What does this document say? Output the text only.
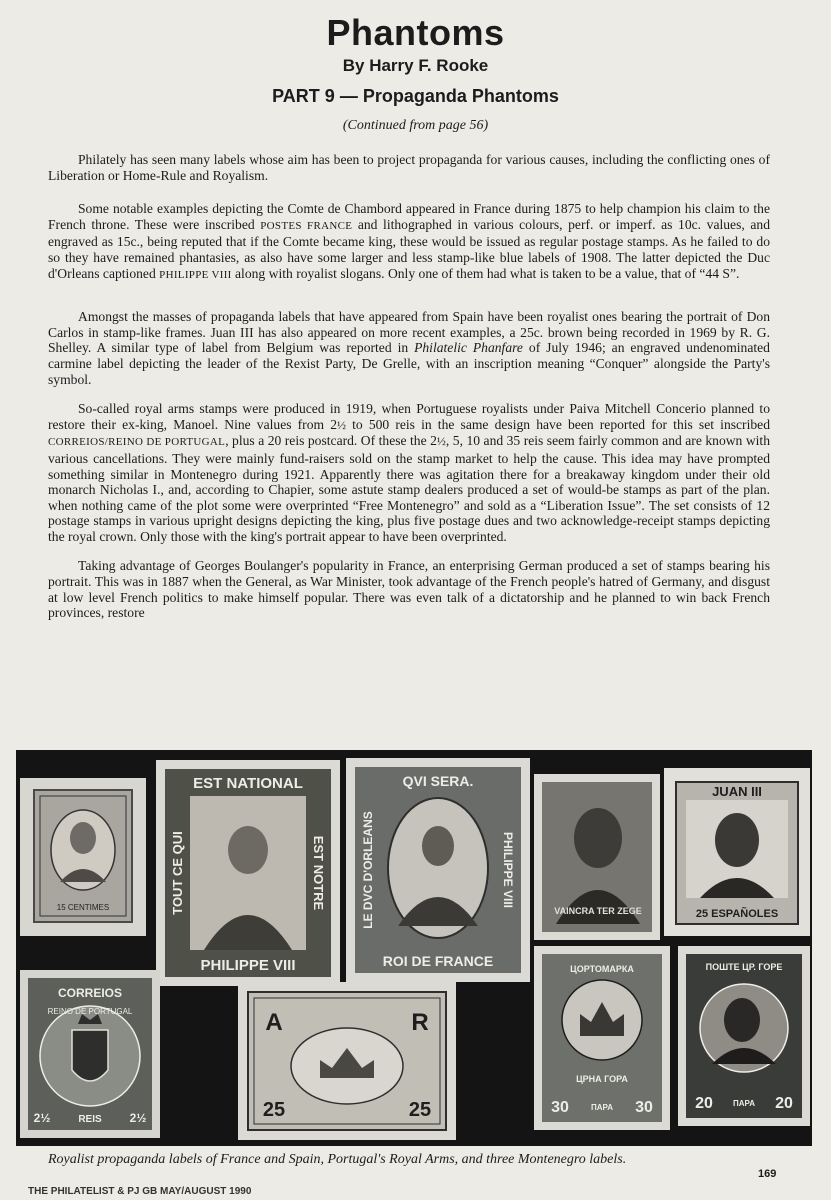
Phantoms
By Harry F. Rooke
PART 9 — Propaganda Phantoms
(Continued from page 56)

Philately has seen many labels whose aim has been to project propaganda for various causes, including the conflicting ones of Liberation or Home-Rule and Royalism.

Some notable examples depicting the Comte de Chambord appeared in France during 1875 to help champion his claim to the French throne. These were inscribed POSTES FRANCE and lithographed in various colours, perf. or imperf. as 10c. values, and engraved as 15c., being reputed that if the Comte became king, these would be issued as regular postage stamps. As he failed to do so they have remained phantasies, as also have some larger and less stamp-like blue labels of 1908. The latter depicted the Duc d'Orleans captioned PHILIPPE VIII along with royalist slogans. Only one of them had what is taken to be a value, that of “44 S”.

Amongst the masses of propaganda labels that have appeared from Spain have been royalist ones bearing the portrait of Don Carlos in stamp-like frames. Juan III has also appeared on more recent examples, a 25c. brown being recorded in 1969 by R. G. Shelley. A similar type of label from Belgium was reported in Philatelic Phanfare of July 1946; an engraved undenominated carmine label depicting the leader of the Rexist Party, De Grelle, with an inscription meaning “Conquer” alongside the Party's symbol.

So-called royal arms stamps were produced in 1919, when Portuguese royalists under Paiva Mitchell Concerio planned to restore their ex-king, Manoel. Nine values from 2½ to 500 reis in the same design have been reported for this set inscribed CORREIOS/REINO DE PORTUGAL, plus a 20 reis postcard. Of these the 2½, 5, 10 and 35 reis seem fairly common and are known with various cancellations. They were mainly fund-raisers sold on the stamp market to help the cause. This idea may have prompted something similar in Montenegro during 1921. Apparently there was agitation there for a breakaway kingdom under their old monarch Nicholas I., and, according to Chapier, some astute stamp dealers produced a set of would-be stamps as part of the plan. when nothing came of the plot some were overprinted “Free Montenegro” and sold as a “Liberation Issue”. The set consists of 12 postage stamps in various upright designs depicting the king, plus five postage dues and two acknowledge-receipt stamps depicting the royal crown. Only those with the king's portrait appear to have been overprinted.

Taking advantage of Georges Boulanger's popularity in France, an enterprising German produced a set of stamps bearing his portrait. This was in 1887 when the General, as War Minister, took advantage of the French people's hatred of Germany, and disgust at low level French politics to make himself popular. There was even talk of a dictatorship and he planned to win back French provinces, restore

15 CENTIMES
EST NATIONAL
PHILIPPE VIII
TOUT CE QUI	EST NOTRE
QVI SERA.
ROI DE FRANCE
LE DVC D'ORLEANS	PHILIPPE VIII
VAINCRA TER ZEGE
JUAN III
25 ESPAÑOLES
CORREIOS
REINO DE PORTUGAL
2½	REIS 2½
A	R
25	25
ЦОРТОМАРКА
ЦРНА ГОРА
30	ПАРА 30
ПОШТЕ ЦР. ГОРЕ
20	ПАРА 20
Royalist propaganda labels of France and Spain, Portugal's Royal Arms, and three Montenegro labels.
169
THE PHILATELIST & PJ GB MAY/AUGUST 1990
